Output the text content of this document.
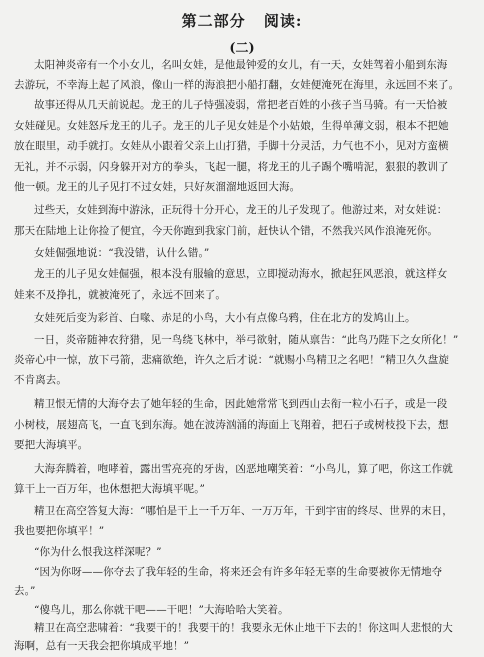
第二部分 阅读:
(二)
太阳神炎帝有一个小女儿，名叫女娃，是他最钟爱的女儿，有一天，女娃驾着小船到东海
去游玩，不幸海上起了风浪，像山一样的海浪把小船打翻，女娃便淹死在海里，永远回不来了。
故事还得从几天前说起。龙王的儿子恃强凌弱，常把老百姓的小孩子当马骑。有一天恰被
女娃碰见。女娃怒斥龙王的儿子。龙王的儿子见女娃是个小姑娘，生得单薄文弱，根本不把她
放在眼里，动手就打。女娃从小跟着父亲上山打猎，手脚十分灵活，力气也不小，见对方蛮横
无礼，并不示弱，闪身躲开对方的拳头，飞起一腿，将龙王的儿子踢个嘴啃泥，狠狠的教训了
他一顿。龙王的儿子见打不过女娃，只好灰溜溜地返回大海。
过些天，女娃到海中游泳，正玩得十分开心，龙王的儿子发现了。他游过来，对女娃说：
那天在陆地上让你捡了便宜，今天你跑到我家门前，赶快认个错，不然我兴风作浪淹死你。
女娃倔强地说：“我没错，认什么错。”
龙王的儿子见女娃倔强，根本没有服输的意思，立即搅动海水，掀起狂风恶浪，就这样女
娃来不及挣扎，就被淹死了，永远不回来了。
女娃死后变为彩首、白喙、赤足的小鸟，大小有点像乌鸦，住在北方的发鸠山上。
一日，炎帝随神农狩猎，见一鸟绕飞林中，举弓欲射，随从禀告：“此鸟乃陛下之女所化！”
炎帝心中一惊，放下弓箭，悲痛欲绝，许久之后才说：“就赐小鸟精卫之名吧！”精卫久久盘旋
不肯离去。
精卫恨无情的大海夺去了她年轻的生命，因此她常常飞到西山去衔一粒小石子，或是一段
小树枝，展翅高飞，一直飞到东海。她在波涛汹涌的海面上飞翔着，把石子或树枝投下去，想
要把大海填平。
大海奔腾着，咆哮着，露出雪亮亮的牙齿，凶恶地嘲笑着：“小鸟儿，算了吧，你这工作就
算干上一百万年，也休想把大海填平呢。”
精卫在高空答复大海：“哪怕是干上一千万年、一万万年，干到宇宙的终尽、世界的末日，
我也要把你填平！”
“你为什么恨我这样深呢？”
“因为你呀——你夺去了我年轻的生命，将来还会有许多年轻无辜的生命要被你无情地夺
去。”
“傻鸟儿，那么你就干吧——干吧！”大海哈哈大笑着。
精卫在高空悲啸着：“我要干的！我要干的！我要永无休止地干下去的！你这叫人悲恨的大
海啊，总有一天我会把你填成平地！”
